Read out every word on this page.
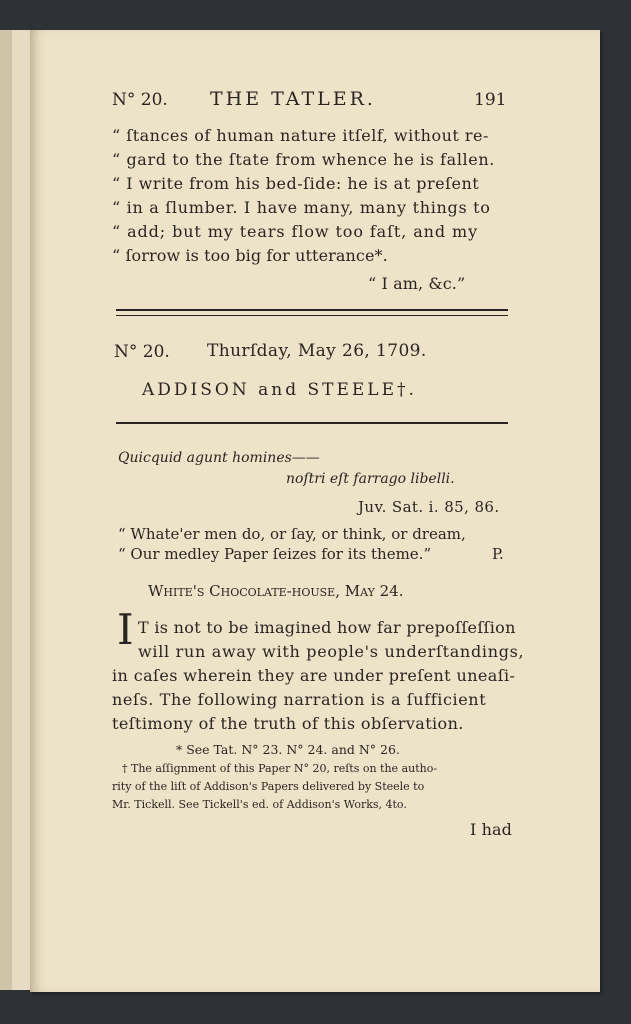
N° 20. THE TATLER.	191
“ ſtances of human nature itſelf, without re-
“ gard to the ſtate from whence he is fallen.
“ I write from his bed-ſide: he is at preſent
“ in a ſlumber. I have many, many things to
“ add; but my tears flow too faſt, and my
“ ſorrow is too big for utterance*.
“ I am, &c.”
N° 20. Thurſday, May 26, 1709.
ADDISON and STEELE†.
Quicquid agunt homines——
noſtri eſt farrago libelli.
Juv. Sat. i. 85, 86.
“ Whate'er men do, or ſay, or think, or dream,
“ Our medley Paper ſeizes for its theme.”	P.
White's Chocolate-houſe, May 24.
I T is not to be imagined how far prepoſſeſſion
will run away with people's underſtandings,
in caſes wherein they are under preſent uneaſi-
neſs. The following narration is a ſufficient
teſtimony of the truth of this obſervation.
* See Tat. N° 23. N° 24. and N° 26.
† The aſſignment of this Paper N° 20, reſts on the autho-
rity of the liſt of Addison's Papers delivered by Steele to
Mr. Tickell. See Tickell's ed. of Addison's Works, 4to.
I had
